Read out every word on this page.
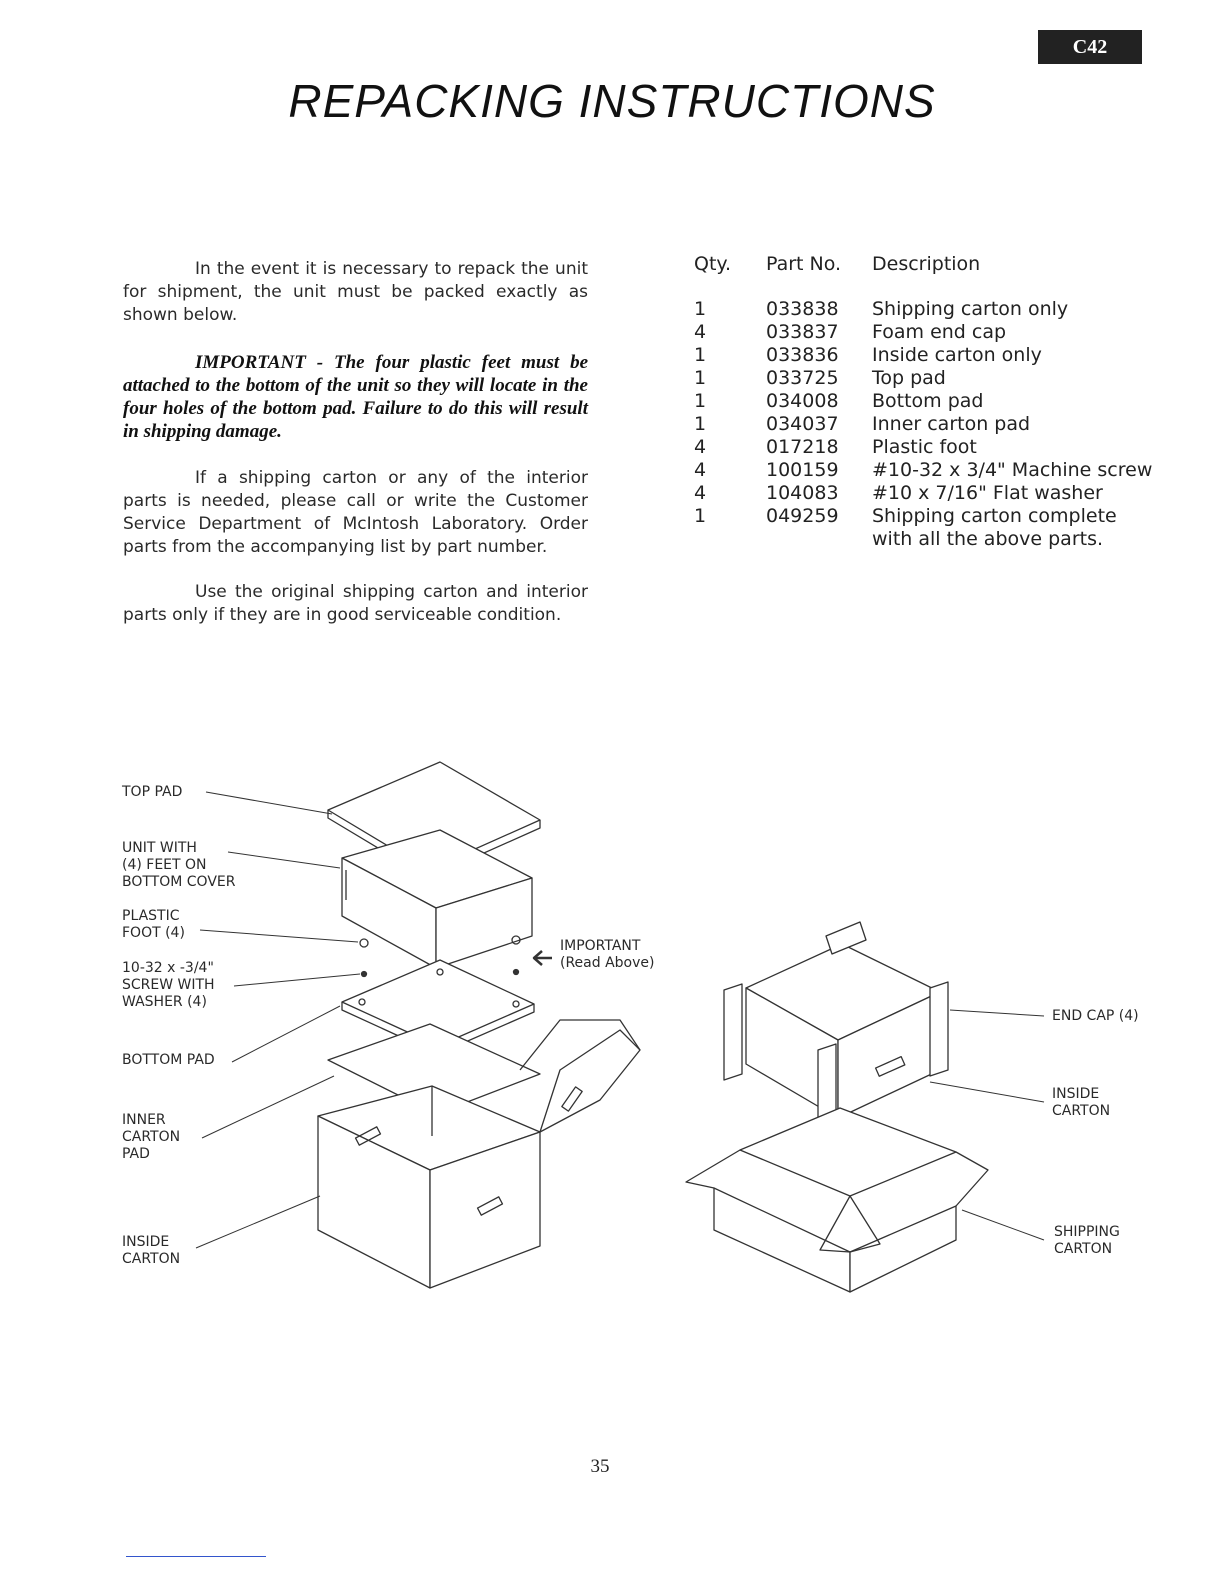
C42
REPACKING INSTRUCTIONS

In the event it is necessary to repack the unit for shipment, the unit must be packed exactly as shown below.

IMPORTANT - The four plastic feet must be attached to the bottom of the unit so they will locate in the four holes of the bottom pad. Failure to do this will result in shipping damage.

If a shipping carton or any of the interior parts is needed, please call or write the Customer Service Department of McIntosh Laboratory. Order parts from the accompanying list by part number.

Use the original shipping carton and interior parts only if they are in good serviceable condition.

Qty.	Part No.	Description
1	033838	Shipping carton only
4	033837	Foam end cap
1	033836	Inside carton only
1	033725	Top pad
1	034008	Bottom pad
1	034037	Inner carton pad
4	017218	Plastic foot
4	100159	#10-32 x 3/4" Machine screw
4	104083	#10 x 7/16" Flat washer
1	049259	Shipping carton complete
with all the above parts.
TOP PAD
UNIT WITH
(4) FEET ON
BOTTOM COVER
PLASTIC
FOOT (4)
10-32 x -3/4"
SCREW WITH
WASHER (4)
IMPORTANT
(Read Above)
BOTTOM PAD
INNER
CARTON
PAD
INSIDE
CARTON
END CAP (4)
INSIDE
CARTON
SHIPPING
CARTON
35
